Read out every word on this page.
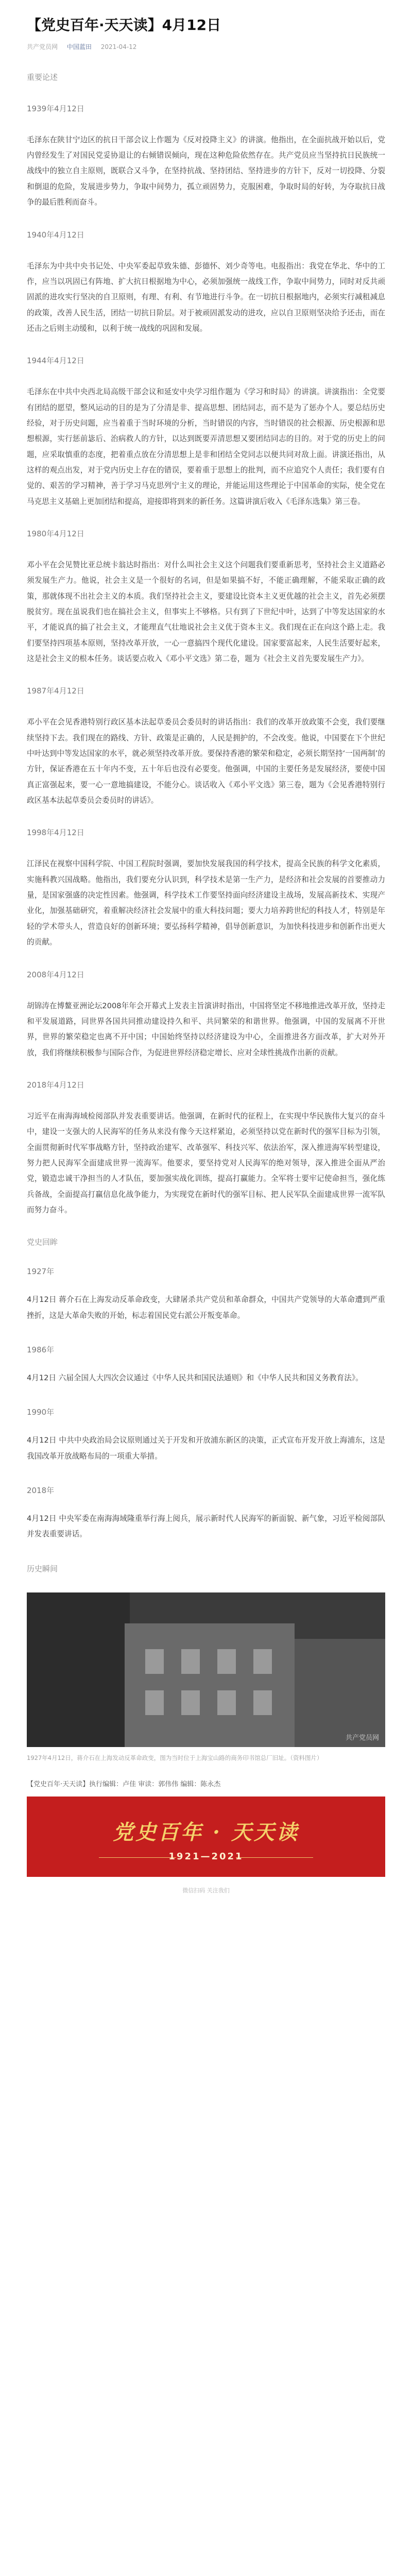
【党史百年·天天读】4月12日
共产党员网 中国蓝田 2021-04-12
重要论述
1939年4月12日

毛泽东在陕甘宁边区的抗日干部会议上作题为《反对投降主义》的讲演。他指出，在全面抗战开始以后，党内曾经发生了对国民党妥协退让的右倾错误倾向，现在这种危险依然存在。共产党员应当坚持抗日民族统一战线中的独立自主原则，既联合又斗争，在坚持抗战、坚持团结、坚持进步的方针下，反对一切投降、分裂和倒退的危险，发展进步势力，争取中间势力，孤立顽固势力，克服困难，争取时局的好转，为夺取抗日战争的最后胜利而奋斗。

1940年4月12日

毛泽东为中共中央书记处、中央军委起草致朱德、彭德怀、刘少奇等电。电报指出：我党在华北、华中的工作，应当以巩固已有阵地、扩大抗日根据地为中心，必须加强统一战线工作，争取中间势力，同时对反共顽固派的进攻实行坚决的自卫原则，有理、有利、有节地进行斗争。在一切抗日根据地内，必须实行减租减息的政策，改善人民生活，团结一切抗日阶层。对于被顽固派发动的进攻，应以自卫原则坚决给予还击，而在还击之后则主动缓和，以利于统一战线的巩固和发展。

1944年4月12日

毛泽东在中共中央西北局高级干部会议和延安中央学习组作题为《学习和时局》的讲演。讲演指出：全党要有团结的愿望，整风运动的目的是为了分清是非、提高思想、团结同志，而不是为了惩办个人。要总结历史经验，对于历史问题，应当着重于当时环境的分析，当时错误的内容，当时错误的社会根源、历史根源和思想根源，实行惩前毖后、治病救人的方针，以达到既要弄清思想又要团结同志的目的。对于党的历史上的问题，应采取慎重的态度，把着重点放在分清思想上是非和团结全党同志以便共同对敌上面。讲演还指出，从这样的观点出发，对于党内历史上存在的错误，要着重于思想上的批判，而不应追究个人责任；我们要有自觉的、艰苦的学习精神，善于学习马克思列宁主义的理论，并能运用这些理论于中国革命的实际，使全党在马克思主义基础上更加团结和提高，迎接即将到来的新任务。这篇讲演后收入《毛泽东选集》第三卷。

1980年4月12日

邓小平在会见赞比亚总统卡翁达时指出：对什么叫社会主义这个问题我们要重新思考，坚持社会主义道路必须发展生产力。他说，社会主义是一个很好的名词，但是如果搞不好，不能正确理解，不能采取正确的政策，那就体现不出社会主义的本质。我们坚持社会主义，要建设比资本主义更优越的社会主义，首先必须摆脱贫穷。现在虽说我们也在搞社会主义，但事实上不够格。只有到了下世纪中叶，达到了中等发达国家的水平，才能说真的搞了社会主义，才能理直气壮地说社会主义优于资本主义。我们现在正在向这个路上走。我们要坚持四项基本原则，坚持改革开放，一心一意搞四个现代化建设。国家要富起来，人民生活要好起来，这是社会主义的根本任务。谈话要点收入《邓小平文选》第二卷，题为《社会主义首先要发展生产力》。

1987年4月12日

邓小平在会见香港特别行政区基本法起草委员会委员时的讲话指出：我们的改革开放政策不会变，我们要继续坚持下去。我们现在的路线、方针、政策是正确的，人民是拥护的，不会改变。他说，中国要在下个世纪中叶达到中等发达国家的水平，就必须坚持改革开放。要保持香港的繁荣和稳定，必须长期坚持‘一国两制’的方针，保证香港在五十年内不变，五十年后也没有必要变。他强调，中国的主要任务是发展经济，要使中国真正富强起来，要一心一意地搞建设，不能分心。谈话收入《邓小平文选》第三卷，题为《会见香港特别行政区基本法起草委员会委员时的讲话》。

1998年4月12日

江泽民在视察中国科学院、中国工程院时强调，要加快发展我国的科学技术，提高全民族的科学文化素质，实施科教兴国战略。他指出，我们要充分认识到，科学技术是第一生产力，是经济和社会发展的首要推动力量，是国家强盛的决定性因素。他强调，科学技术工作要坚持面向经济建设主战场，发展高新技术、实现产业化，加强基础研究，着重解决经济社会发展中的重大科技问题；要大力培养跨世纪的科技人才，特别是年轻的学术带头人，营造良好的创新环境；要弘扬科学精神，倡导创新意识，为加快科技进步和创新作出更大的贡献。

2008年4月12日

胡锦涛在博鳌亚洲论坛2008年年会开幕式上发表主旨演讲时指出，中国将坚定不移地推进改革开放，坚持走和平发展道路，同世界各国共同推动建设持久和平、共同繁荣的和谐世界。他强调，中国的发展离不开世界，世界的繁荣稳定也离不开中国；中国始终坚持以经济建设为中心，全面推进各方面改革，扩大对外开放，我们将继续积极参与国际合作，为促进世界经济稳定增长、应对全球性挑战作出新的贡献。

2018年4月12日

习近平在南海海域检阅部队并发表重要讲话。他强调，在新时代的征程上，在实现中华民族伟大复兴的奋斗中，建设一支强大的人民海军的任务从来没有像今天这样紧迫，必须坚持以党在新时代的强军目标为引领，全面贯彻新时代军事战略方针，坚持政治建军、改革强军、科技兴军、依法治军，深入推进海军转型建设，努力把人民海军全面建成世界一流海军。他要求，要坚持党对人民海军的绝对领导，深入推进全面从严治党，锻造忠诚干净担当的人才队伍，要加强实战化训练，提高打赢能力。全军将士要牢记使命担当，强化练兵备战，全面提高打赢信息化战争能力，为实现党在新时代的强军目标、把人民军队全面建成世界一流军队而努力奋斗。

党史回眸
1927年

4月12日 蒋介石在上海发动反革命政变，大肆屠杀共产党员和革命群众，中国共产党领导的大革命遭到严重挫折，这是大革命失败的开始，标志着国民党右派公开叛变革命。

1986年

4月12日 六届全国人大四次会议通过《中华人民共和国民法通则》和《中华人民共和国义务教育法》。

1990年

4月12日 中共中央政治局会议原则通过关于开发和开放浦东新区的决策，正式宣布开发开放上海浦东，这是我国改革开放战略布局的一项重大举措。

2018年

4月12日 中央军委在南海海域隆重举行海上阅兵，展示新时代人民海军的新面貌、新气象，习近平检阅部队并发表重要讲话。

历史瞬间
共产党员网

1927年4月12日，蒋介石在上海发动反革命政变，图为当时位于上海宝山路的商务印书馆总厂旧址。（资料图片）

【党史百年·天天读】执行编辑：卢佳 审读：郭伟伟 编辑：陈永杰
党史百年 · 天天读
1921—2021
微信扫码 关注我们
